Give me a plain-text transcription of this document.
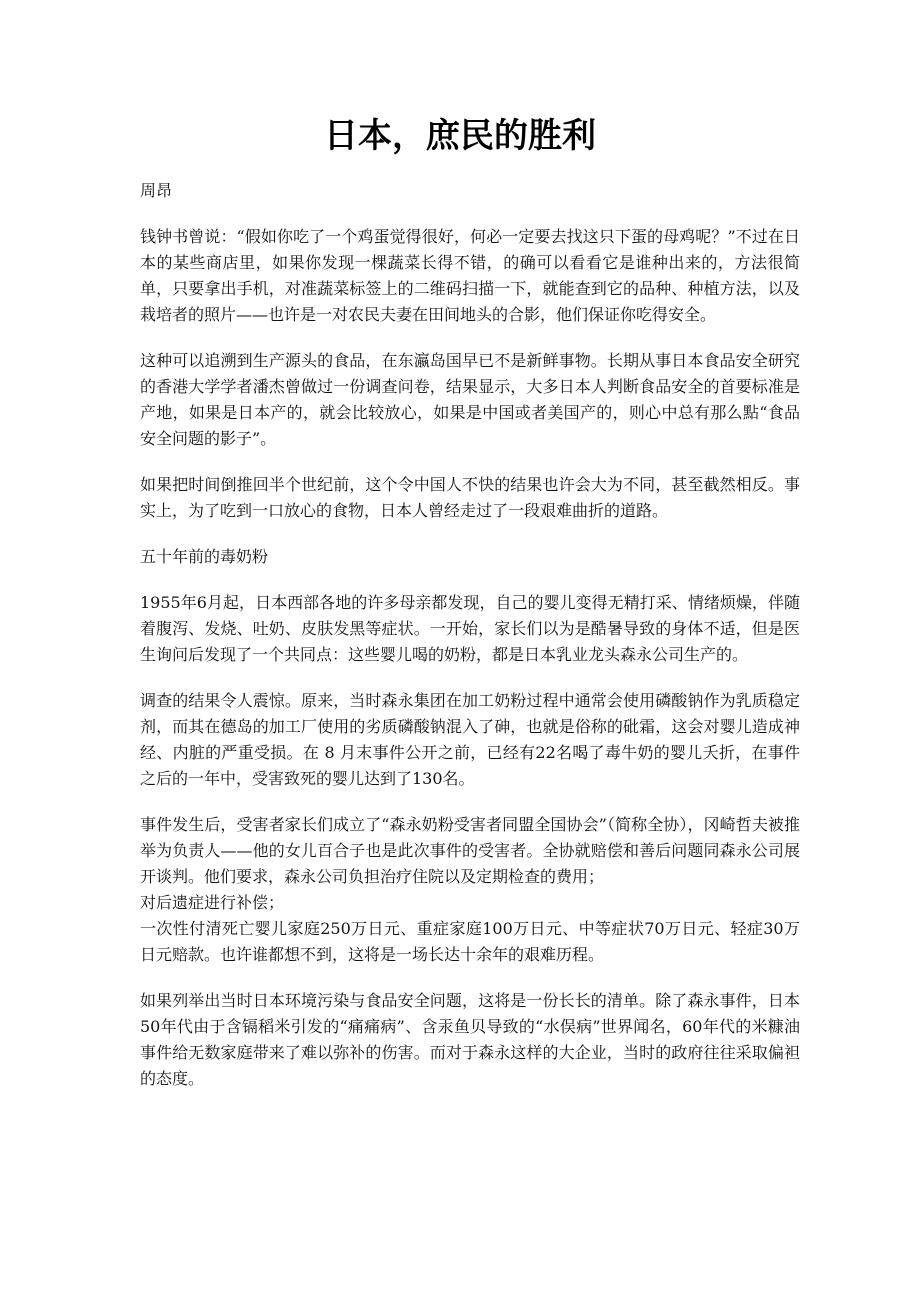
日本，庶民的胜利

周昂

钱钟书曾说：“假如你吃了一个鸡蛋觉得很好，何必一定要去找这只下蛋的母鸡呢？”不过在日本的某些商店里，如果你发现一棵蔬菜长得不错，的确可以看看它是谁种出来的，方法很简单，只要拿出手机，对准蔬菜标签上的二维码扫描一下，就能查到它的品种、种植方法，以及栽培者的照片——也许是一对农民夫妻在田间地头的合影，他们保证你吃得安全。

这种可以追溯到生产源头的食品，在东瀛岛国早已不是新鲜事物。长期从事日本食品安全研究的香港大学学者潘杰曾做过一份调查问卷，结果显示，大多日本人判断食品安全的首要标准是产地，如果是日本产的，就会比较放心，如果是中国或者美国产的，则心中总有那么點“食品安全问题的影子”。

如果把时间倒推回半个世纪前，这个令中国人不快的结果也许会大为不同，甚至截然相反。事实上，为了吃到一口放心的食物，日本人曾经走过了一段艰难曲折的道路。

五十年前的毒奶粉

1955年6月起，日本西部各地的许多母亲都发现，自己的婴儿变得无精打采、情绪烦燥，伴随着腹泻、发烧、吐奶、皮肤发黑等症状。一开始，家长们以为是酷暑导致的身体不适，但是医生询问后发现了一个共同点：这些婴儿喝的奶粉，都是日本乳业龙头森永公司生产的。

调查的结果令人震惊。原来，当时森永集团在加工奶粉过程中通常会使用磷酸钠作为乳质稳定剂，而其在德岛的加工厂使用的劣质磷酸钠混入了砷，也就是俗称的砒霜，这会对婴儿造成神经、内脏的严重受损。在 8 月末事件公开之前，已经有22名喝了毒牛奶的婴儿夭折，在事件之后的一年中，受害致死的婴儿达到了130名。

事件发生后，受害者家长们成立了“森永奶粉受害者同盟全国协会”（简称全协），冈崎哲夫被推举为负责人——他的女儿百合子也是此次事件的受害者。全协就赔偿和善后问题同森永公司展开谈判。他们要求，森永公司负担治疗住院以及定期检查的费用；

对后遗症进行补偿；

一次性付清死亡婴儿家庭250万日元、重症家庭100万日元、中等症状70万日元、轻症30万日元赔款。也许谁都想不到，这将是一场长达十余年的艰难历程。

如果列举出当时日本环境污染与食品安全问题，这将是一份长长的清单。除了森永事件，日本50年代由于含镉稻米引发的“痛痛病”、含汞鱼贝导致的“水俣病”世界闻名，60年代的米糠油事件给无数家庭带来了难以弥补的伤害。而对于森永这样的大企业，当时的政府往往采取偏袒的态度。
